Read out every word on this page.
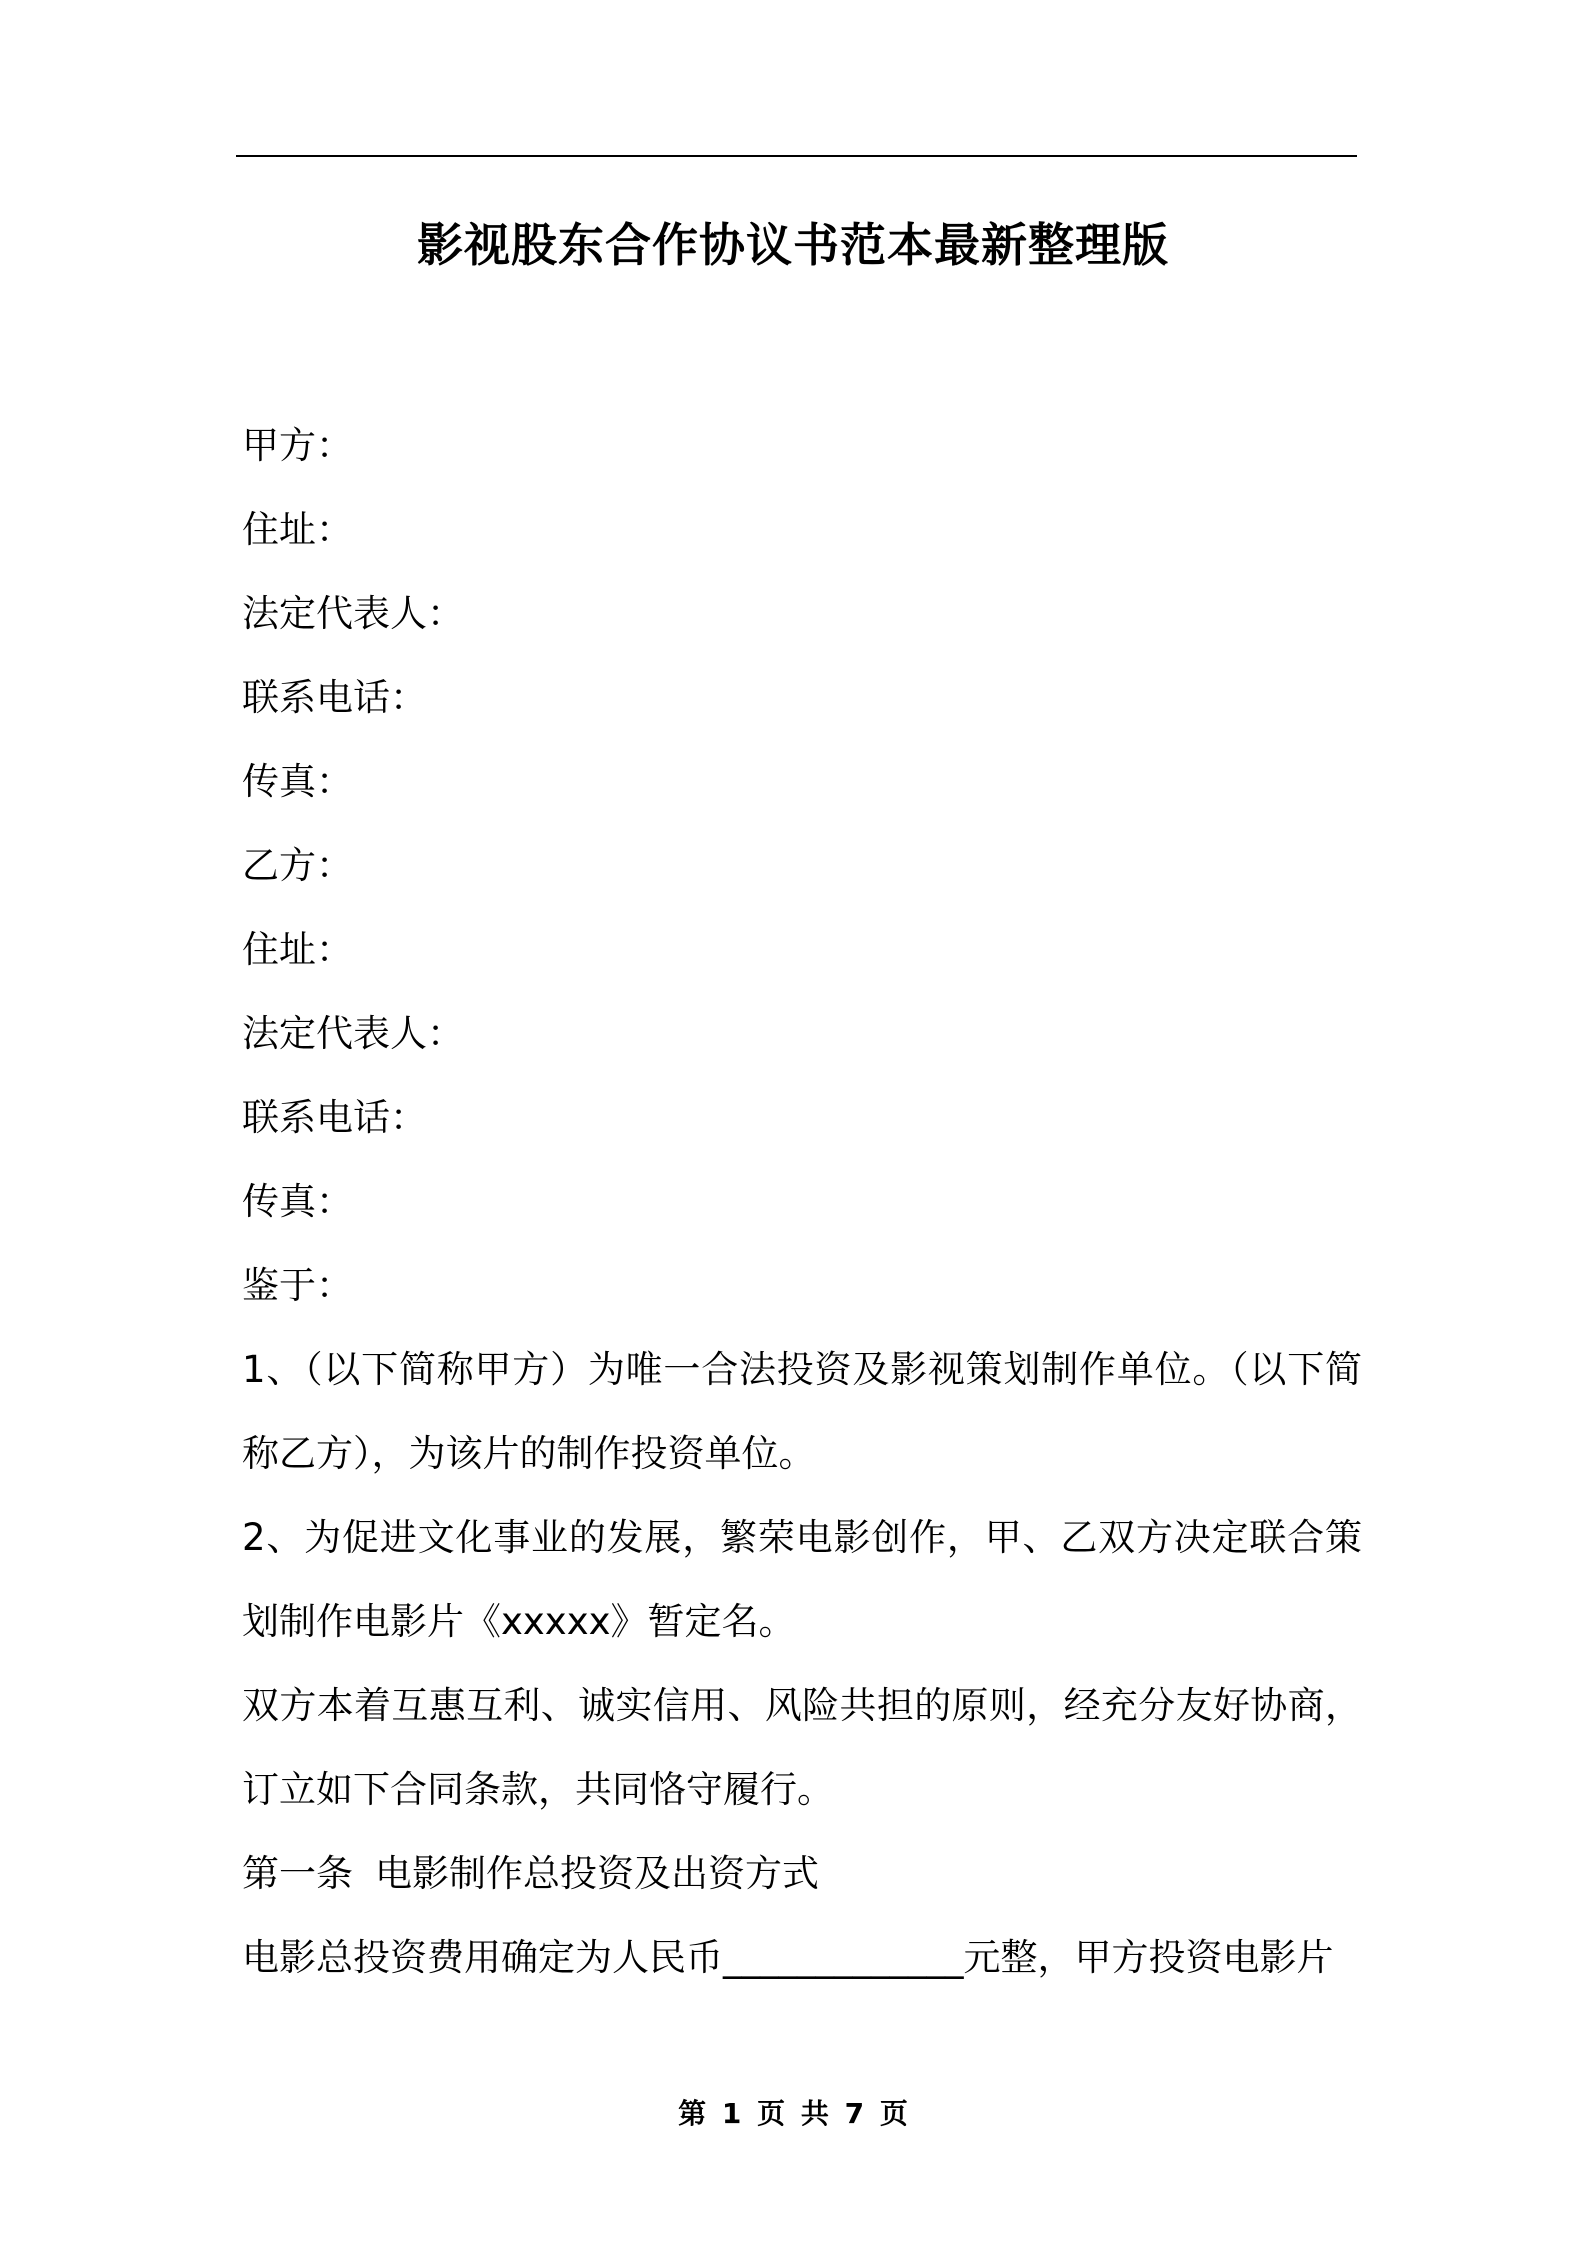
影视股东合作协议书范本最新整理版

甲方：

住址：

法定代表人：

联系电话：

传真：

乙方：

住址：

法定代表人：

联系电话：

传真：

鉴于：

1、（以下简称甲方）为唯一合法投资及影视策划制作单位。（以下简称乙方），为该片的制作投资单位。

2、为促进文化事业的发展，繁荣电影创作，甲、乙双方决定联合策划制作电影片《xxxxx》暂定名。

双方本着互惠互利、诚实信用、风险共担的原则，经充分友好协商，订立如下合同条款，共同恪守履行。

第一条 电影制作总投资及出资方式

电影总投资费用确定为人民币_____________元整，甲方投资电影片

第 1 页 共 7 页
